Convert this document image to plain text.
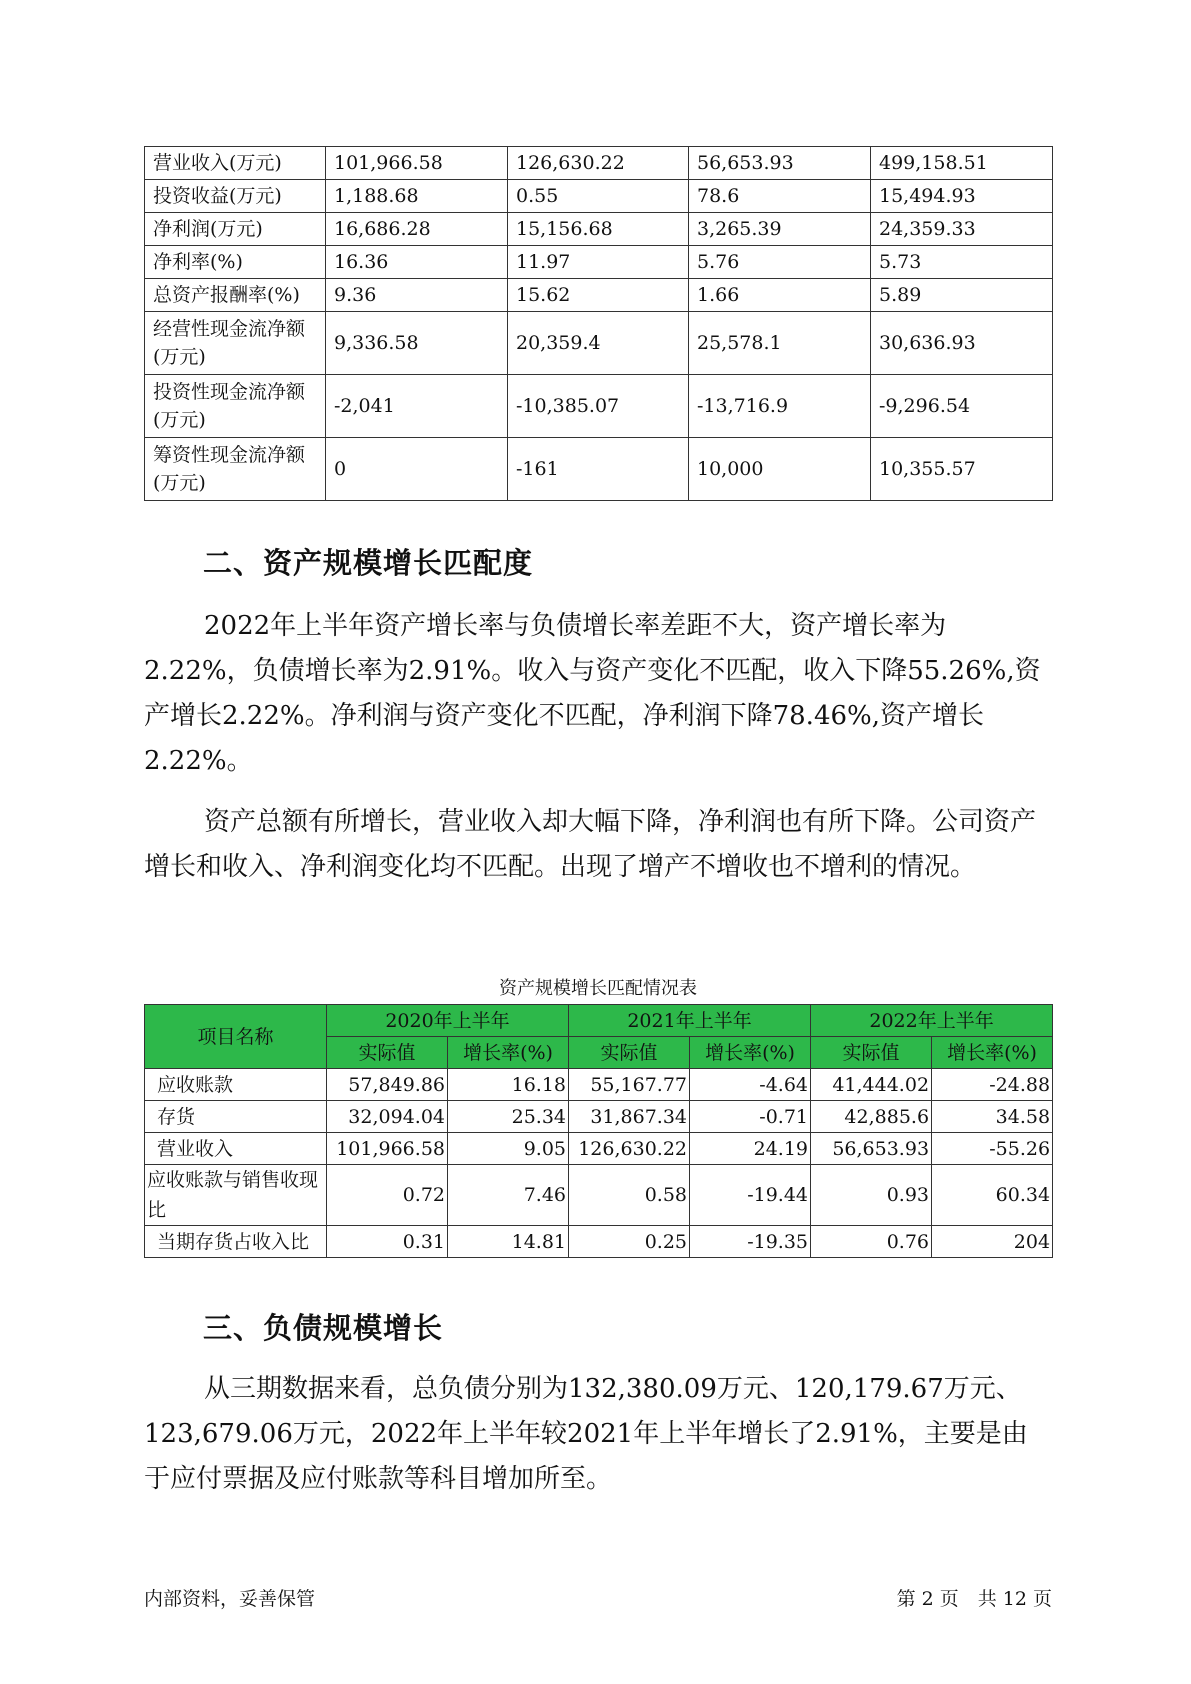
营业收入(万元)	101,966.58	126,630.22	56,653.93	499,158.51
投资收益(万元)	1,188.68	0.55	78.6	15,494.93
净利润(万元)	16,686.28	15,156.68	3,265.39	24,359.33
净利率(%)	16.36	11.97	5.76	5.73
总资产报酬率(%)	9.36	15.62	1.66	5.89
经营性现金流净额(万元)	9,336.58	20,359.4	25,578.1	30,636.93
投资性现金流净额(万元)	-2,041	-10,385.07	-13,716.9	-9,296.54
筹资性现金流净额(万元)	0	-161	10,000	10,355.57
二、资产规模增长匹配度

2022年上半年资产增长率与负债增长率差距不大，资产增长率为2.22%，负债增长率为2.91%。收入与资产变化不匹配，收入下降55.26%,资产增长2.22%。净利润与资产变化不匹配，净利润下降78.46%,资产增长2.22%。

资产总额有所增长，营业收入却大幅下降，净利润也有所下降。公司资产增长和收入、净利润变化均不匹配。出现了增产不增收也不增利的情况。

资产规模增长匹配情况表

项目名称	2020年上半年		2021年上半年		2022年上半年	
	实际值	增长率(%)	实际值	增长率(%)	实际值	增长率(%)
应收账款	57,849.86	16.18	55,167.77	-4.64	41,444.02	-24.88
存货	32,094.04	25.34	31,867.34	-0.71	42,885.6	34.58
营业收入	101,966.58	9.05	126,630.22	24.19	56,653.93	-55.26
应收账款与销售收现比	0.72	7.46	0.58	-19.44	0.93	60.34
当期存货占收入比	0.31	14.81	0.25	-19.35	0.76	204
三、负债规模增长

从三期数据来看，总负债分别为132,380.09万元、120,179.67万元、123,679.06万元，2022年上半年较2021年上半年增长了2.91%，主要是由于应付票据及应付账款等科目增加所至。

内部资料，妥善保管	第 2 页　共 12 页
